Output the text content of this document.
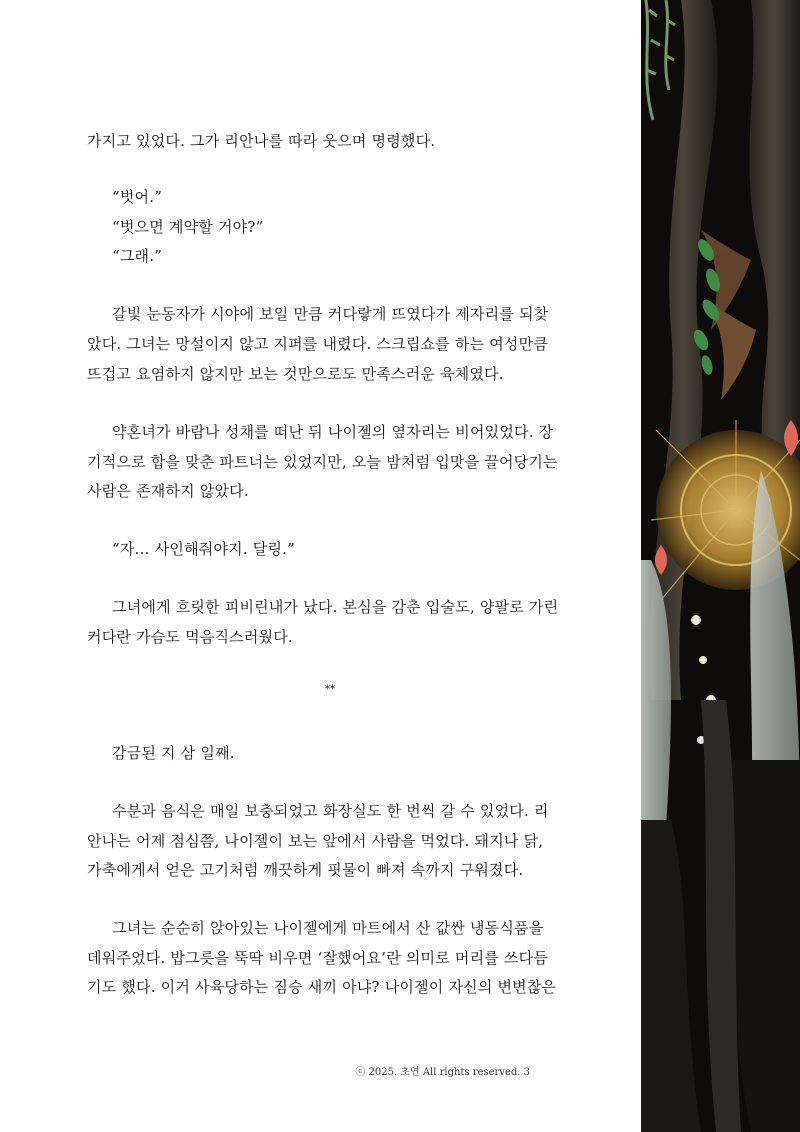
가지고 있었다. 그가 리안나를 따라 웃으며 명령했다.
“벗어.”
“벗으면 계약할 거야?”
“그래.”
갈빛 눈동자가 시야에 보일 만큼 커다랗게 뜨였다가 제자리를 되찾
았다. 그녀는 망설이지 않고 지퍼를 내렸다. 스크립쇼를 하는 여성만큼
뜨겁고 요염하지 않지만 보는 것만으로도 만족스러운 육체였다.
약혼녀가 바람나 성채를 떠난 뒤 나이젤의 옆자리는 비어있었다. 장
기적으로 합을 맞춘 파트너는 있었지만, 오늘 밤처럼 입맛을 끌어당기는
사람은 존재하지 않았다.
“자… 사인해줘야지. 달링.”
그녀에게 흐릿한 피비린내가 났다. 본심을 감춘 입술도, 양팔로 가린
커다란 가슴도 먹음직스러웠다.
**
감금된 지 삼 일째.
수분과 음식은 매일 보충되었고 화장실도 한 번씩 갈 수 있었다. 리
안나는 어제 점심쯤, 나이젤이 보는 앞에서 사람을 먹었다. 돼지나 닭,
가축에게서 얻은 고기처럼 깨끗하게 핏물이 빠져 속까지 구워졌다.
그녀는 순순히 앉아있는 나이젤에게 마트에서 산 값싼 냉동식품을
데워주었다. 밥그릇을 뚝딱 비우면 ‘잘했어요’란 의미로 머리를 쓰다듬
기도 했다. 이거 사육당하는 짐승 새끼 아냐? 나이젤이 자신의 변변찮은
ⓒ 2025. 초연 All rights reserved. 3
